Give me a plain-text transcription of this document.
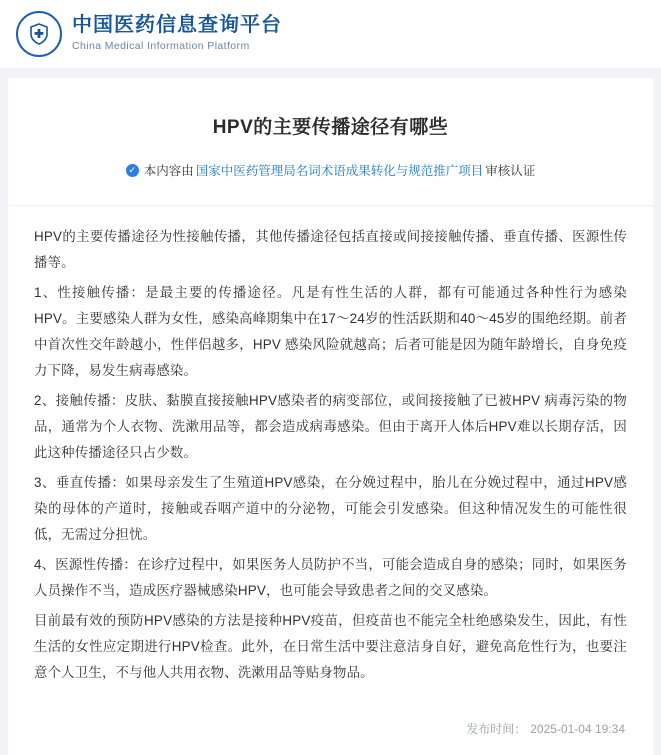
中国医药信息查询平台
China Medical Information Platform
HPV的主要传播途径有哪些
✓ 本内容由 国家中医药管理局名词术语成果转化与规范推广项目 审核认证

HPV的主要传播途径为性接触传播，其他传播途径包括直接或间接接触传播、垂直传播、医源性传播等。

1、性接触传播：是最主要的传播途径。凡是有性生活的人群，都有可能通过各种性行为感染 HPV。主要感染人群为女性，感染高峰期集中在17～24岁的性活跃期和40～45岁的围绝经期。前者中首次性交年龄越小，性伴侣越多，HPV 感染风险就越高；后者可能是因为随年龄增长，自身免疫力下降，易发生病毒感染。

2、接触传播：皮肤、黏膜直接接触HPV感染者的病变部位，或间接接触了已被HPV 病毒污染的物品，通常为个人衣物、洗漱用品等，都会造成病毒感染。但由于离开人体后HPV难以长期存活，因此这种传播途径只占少数。

3、垂直传播：如果母亲发生了生殖道HPV感染，在分娩过程中，胎儿在分娩过程中，通过HPV感染的母体的产道时，接触或吞咽产道中的分泌物，可能会引发感染。但这种情况发生的可能性很低，无需过分担忧。

4、医源性传播：在诊疗过程中，如果医务人员防护不当，可能会造成自身的感染；同时，如果医务人员操作不当，造成医疗器械感染HPV，也可能会导致患者之间的交叉感染。

目前最有效的预防HPV感染的方法是接种HPV疫苗，但疫苗也不能完全杜绝感染发生，因此，有性生活的女性应定期进行HPV检查。此外，在日常生活中要注意洁身自好，避免高危性行为，也要注意个人卫生，不与他人共用衣物、洗漱用品等贴身物品。

发布时间： 2025-01-04 19:34
